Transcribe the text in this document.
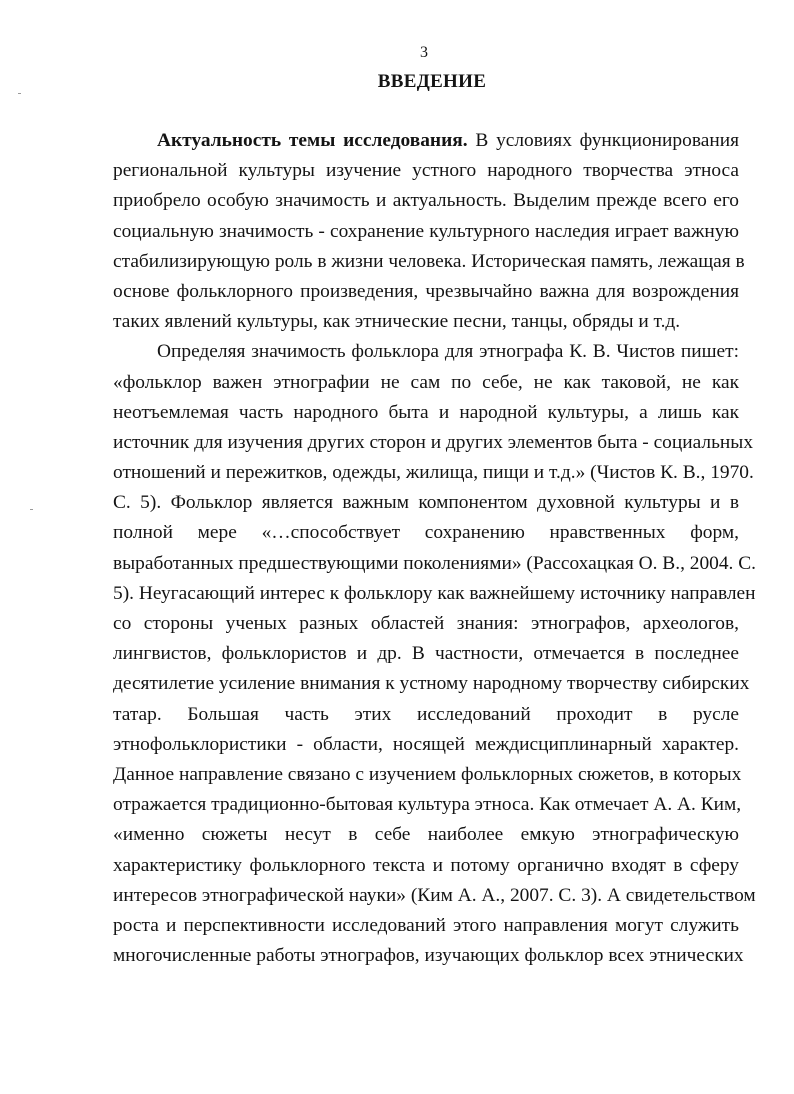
3
ВВЕДЕНИЕ
Актуальность темы исследования. В условиях функционирования
региональной культуры изучение устного народного творчества этноса
приобрело особую значимость и актуальность. Выделим прежде всего его
социальную значимость - сохранение культурного наследия играет важную
стабилизирующую роль в жизни человека. Историческая память, лежащая в
основе фольклорного произведения, чрезвычайно важна для возрождения
таких явлений культуры, как этнические песни, танцы, обряды и т.д.
Определяя значимость фольклора для этнографа К. В. Чистов пишет:
«фольклор важен этнографии не сам по себе, не как таковой, не как
неотъемлемая часть народного быта и народной культуры, а лишь как
источник для изучения других сторон и других элементов быта - социальных
отношений и пережитков, одежды, жилища, пищи и т.д.» (Чистов К. В., 1970.
С. 5). Фольклор является важным компонентом духовной культуры и в
полной мере «…способствует сохранению нравственных форм,
выработанных предшествующими поколениями» (Рассохацкая О. В., 2004. С.
5). Неугасающий интерес к фольклору как важнейшему источнику направлен
со стороны ученых разных областей знания: этнографов, археологов,
лингвистов, фольклористов и др. В частности, отмечается в последнее
десятилетие усиление внимания к устному народному творчеству сибирских
татар. Большая часть этих исследований проходит в русле
этнофольклористики - области, носящей междисциплинарный характер.
Данное направление связано с изучением фольклорных сюжетов, в которых
отражается традиционно-бытовая культура этноса. Как отмечает А. А. Ким,
«именно сюжеты несут в себе наиболее емкую этнографическую
характеристику фольклорного текста и потому органично входят в сферу
интересов этнографической науки» (Ким А. А., 2007. С. 3). А свидетельством
роста и перспективности исследований этого направления могут служить
многочисленные работы этнографов, изучающих фольклор всех этнических
